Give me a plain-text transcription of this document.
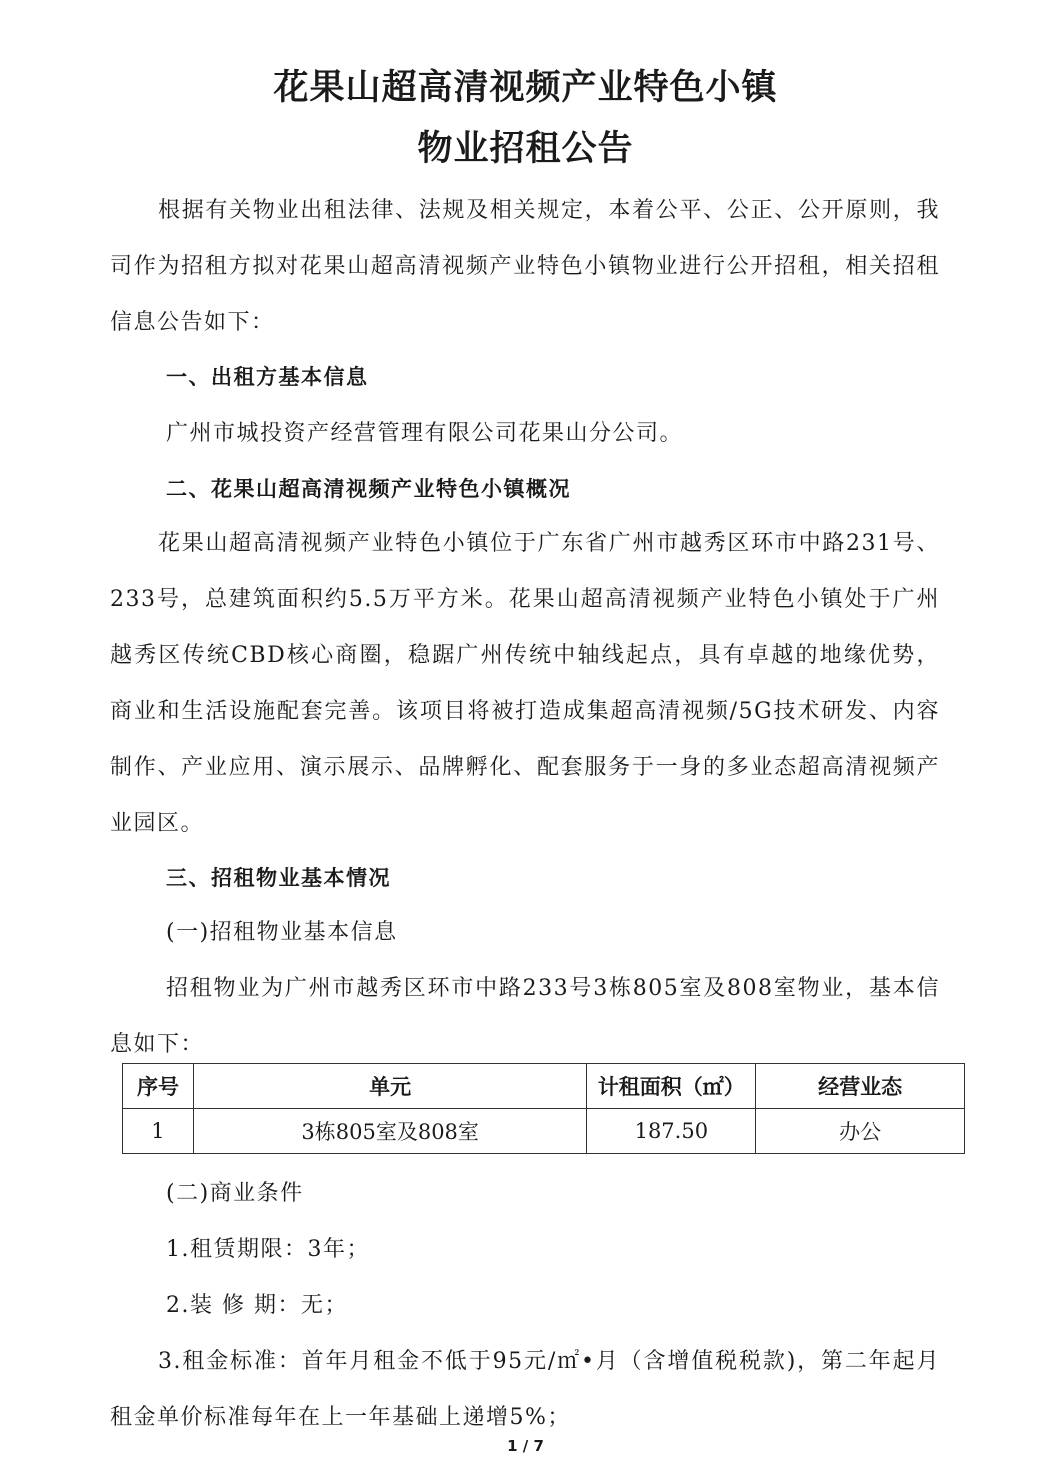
花果山超高清视频产业特色小镇
物业招租公告

根据有关物业出租法律、法规及相关规定，本着公平、公正、公开原则，我司作为招租方拟对花果山超高清视频产业特色小镇物业进行公开招租，相关招租信息公告如下：

一、出租方基本信息

广州市城投资产经营管理有限公司花果山分公司。

二、花果山超高清视频产业特色小镇概况

花果山超高清视频产业特色小镇位于广东省广州市越秀区环市中路231号、233号，总建筑面积约5.5万平方米。花果山超高清视频产业特色小镇处于广州越秀区传统CBD核心商圈，稳踞广州传统中轴线起点，具有卓越的地缘优势，商业和生活设施配套完善。该项目将被打造成集超高清视频/5G技术研发、内容制作、产业应用、演示展示、品牌孵化、配套服务于一身的多业态超高清视频产业园区。

三、招租物业基本情况

(一)招租物业基本信息

招租物业为广州市越秀区环市中路233号3栋805室及808室物业，基本信息如下：

序号	单元	计租面积（㎡）	经营业态
1	3栋805室及808室	187.50	办公

(二)商业条件

1.租赁期限：3年；

2.装 修 期：无；

3.租金标准：首年月租金不低于95元/㎡•月（含增值税税款)，第二年起月租金单价标准每年在上一年基础上递增5%；

1 / 7
